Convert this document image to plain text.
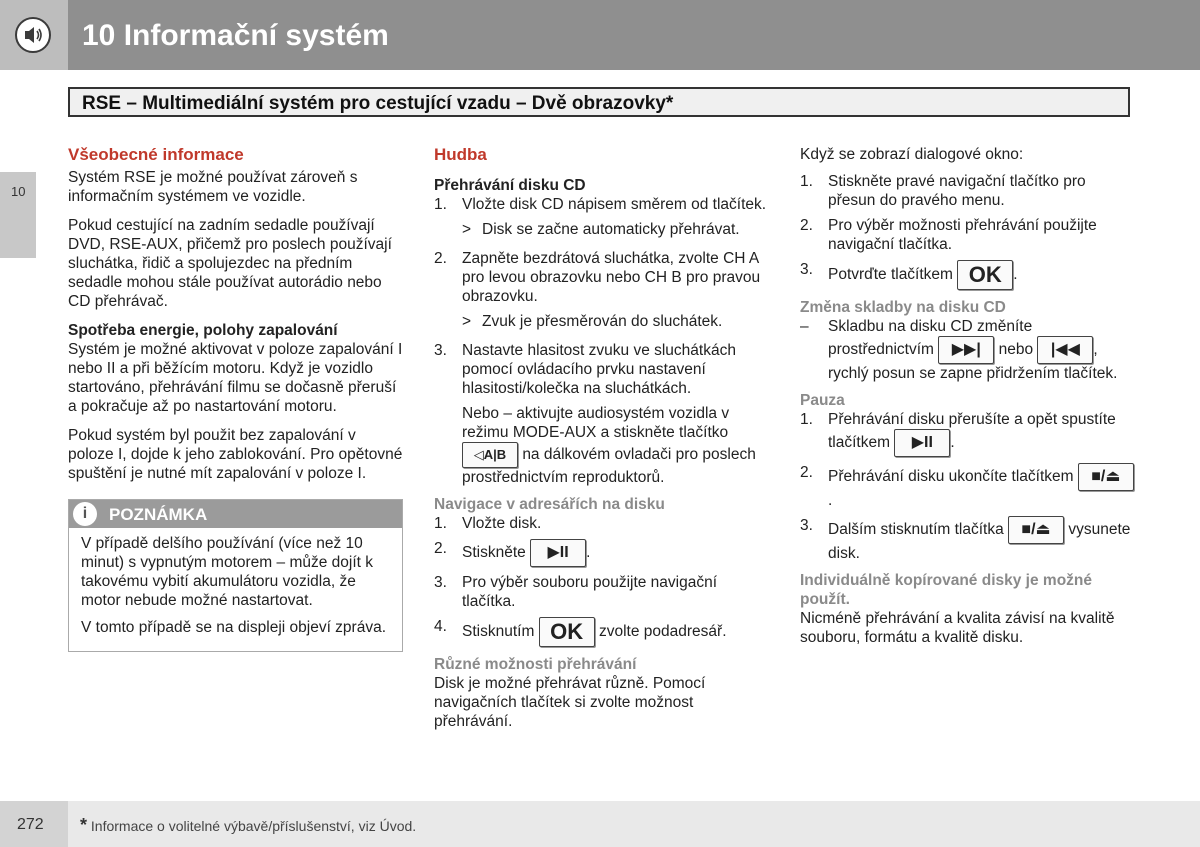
10 Informační systém
10
RSE – Multimediální systém pro cestující vzadu – Dvě obrazovky*
Všeobecné informace

Systém RSE je možné používat zároveň s informačním systémem ve vozidle.

Pokud cestující na zadním sedadle používají DVD, RSE-AUX, přičemž pro poslech používají sluchátka, řidič a spolujezdec na předním sedadle mohou stále používat autorádio nebo CD přehrávač.

Spotřeba energie, polohy zapalování

Systém je možné aktivovat v poloze zapalování I nebo II a při běžícím motoru. Když je vozidlo startováno, přehrávání filmu se dočasně přeruší a pokračuje až po nastartování motoru.

Pokud systém byl použit bez zapalování v poloze I, dojde k jeho zablokování. Pro opětovné spuštění je nutné mít zapalování v poloze I.

i	POZNÁMKA

V případě delšího používání (více než 10 minut) s vypnutým motorem – může dojít k takovému vybití akumulátoru vozidla, že motor nebude možné nastartovat.

V tomto případě se na displeji objeví zpráva.

Hudba
Přehrávání disku CD
1. Vložte disk CD nápisem směrem od tlačítek.
> Disk se začne automaticky přehrávat.
2. Zapněte bezdrátová sluchátka, zvolte CH A pro levou obrazovku nebo CH B pro pravou obrazovku.
> Zvuk je přesměrován do sluchátek.
3. Nastavte hlasitost zvuku ve sluchátkách pomocí ovládacího prvku nastavení hlasitosti/kolečka na sluchátkách.
Nebo – aktivujte audiosystém vozidla v režimu MODE-AUX a stiskněte tlačítko ◁A|B na dálkovém ovladači pro poslech prostřednictvím reproduktorů.
Navigace v adresářích na disku
1. Vložte disk.
2. Stiskněte ▶II .
3. Pro výběr souboru použijte navigační tlačítka.
4. Stisknutím OK zvolte podadresář.
Různé možnosti přehrávání

Disk je možné přehrávat různě. Pomocí navigačních tlačítek si zvolte možnost přehrávání.

Když se zobrazí dialogové okno:

1. Stiskněte pravé navigační tlačítko pro přesun do pravého menu.
2. Pro výběr možnosti přehrávání použijte navigační tlačítka.
3. Potvrďte tlačítkem OK .
Změna skladby na disku CD
–	Skladbu na disku CD změníte prostřednictvím ▶▶| nebo |◀◀ , rychlý posun se zapne přidržením tlačítek.
Pauza
1. Přehrávání disku přerušíte a opět spustíte tlačítkem ▶II .
2. Přehrávání disku ukončíte tlačítkem ■/⏏.
3. Dalším stisknutím tlačítka ■/⏏ vysunete disk.
Individuálně kopírované disky je možné použít.

Nicméně přehrávání a kvalita závisí na kvalitě souboru, formátu a kvalitě disku.

272 * Informace o volitelné výbavě/příslušenství, viz Úvod.
